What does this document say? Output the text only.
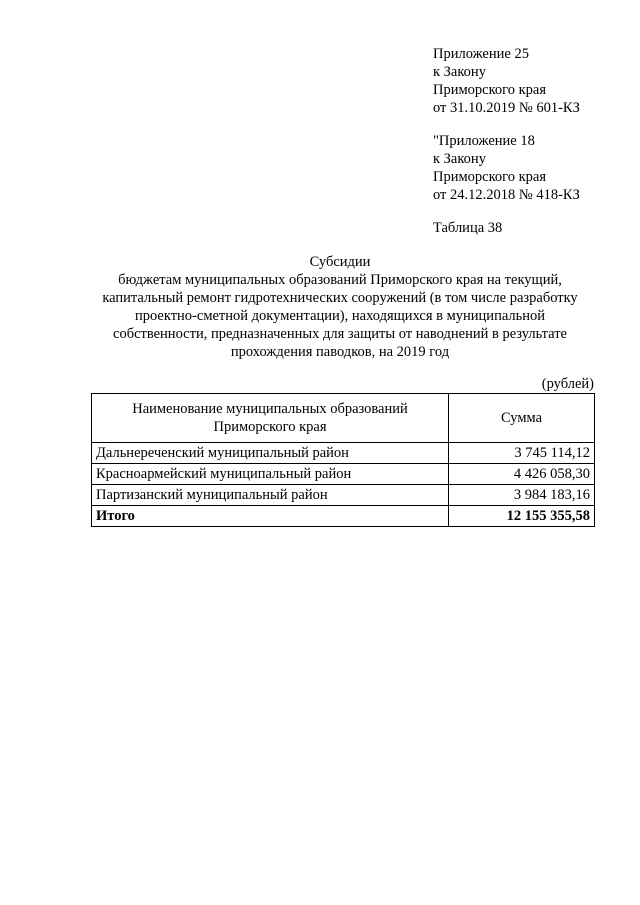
Приложение 25
к Закону
Приморского края
от 31.10.2019 № 601-КЗ
"Приложение 18
к Закону
Приморского края
от 24.12.2018 № 418-КЗ
Таблица 38
Субсидии
бюджетам муниципальных образований Приморского края на текущий,
капитальный ремонт гидротехнических сооружений (в том числе разработку
проектно-сметной документации), находящихся в муниципальной
собственности, предназначенных для защиты от наводнений в результате
прохождения паводков, на 2019 год
(рублей)
Наименование муниципальных образований Приморского края	Сумма
Дальнереченский муниципальный район	3 745 114,12
Красноармейский муниципальный район	4 426 058,30
Партизанский муниципальный район	3 984 183,16
Итого	12 155 355,58
